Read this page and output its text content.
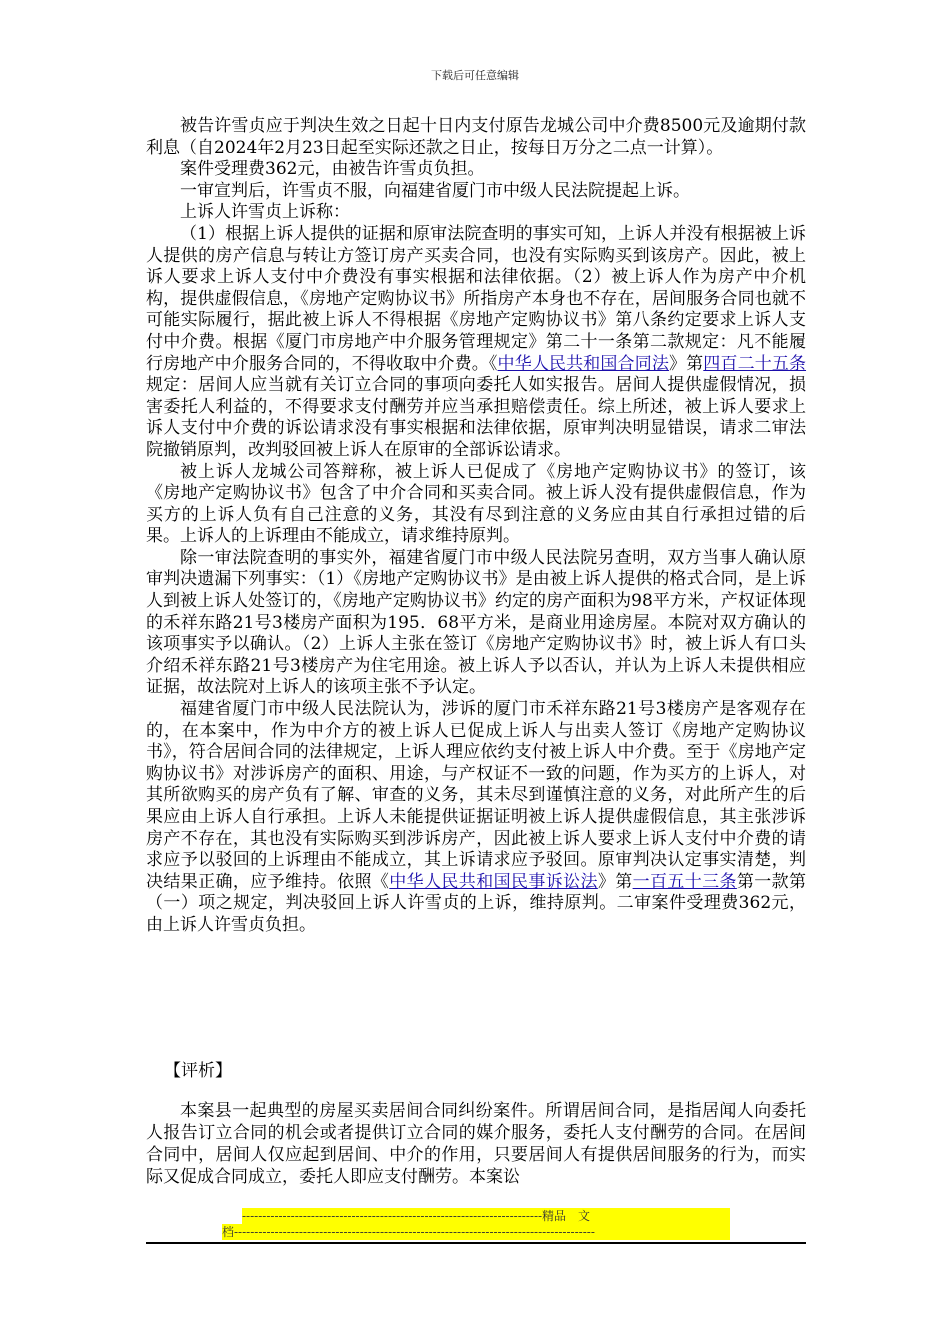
下载后可任意编辑

被告许雪贞应于判决生效之日起十日内支付原告龙城公司中介费8500元及逾期付款利息（自2024年2月23日起至实际还款之日止，按每日万分之二点一计算）。

案件受理费362元，由被告许雪贞负担。

一审宣判后，许雪贞不服，向福建省厦门市中级人民法院提起上诉。

上诉人许雪贞上诉称：

（1）根据上诉人提供的证据和原审法院查明的事实可知，上诉人并没有根据被上诉人提供的房产信息与转让方签订房产买卖合同，也没有实际购买到该房产。因此，被上诉人要求上诉人支付中介费没有事实根据和法律依据。（2）被上诉人作为房产中介机构，提供虚假信息，《房地产定购协议书》所指房产本身也不存在，居间服务合同也就不可能实际履行，据此被上诉人不得根据《房地产定购协议书》第八条约定要求上诉人支付中介费。根据《厦门市房地产中介服务管理规定》第二十一条第二款规定：凡不能履行房地产中介服务合同的，不得收取中介费。《中华人民共和国合同法》第四百二十五条规定：居间人应当就有关订立合同的事项向委托人如实报告。居间人提供虚假情况，损害委托人利益的，不得要求支付酬劳并应当承担赔偿责任。综上所述，被上诉人要求上诉人支付中介费的诉讼请求没有事实根据和法律依据，原审判决明显错误，请求二审法院撤销原判，改判驳回被上诉人在原审的全部诉讼请求。

被上诉人龙城公司答辩称，被上诉人已促成了《房地产定购协议书》的签订，该《房地产定购协议书》包含了中介合同和买卖合同。被上诉人没有提供虚假信息，作为买方的上诉人负有自己注意的义务，其没有尽到注意的义务应由其自行承担过错的后果。上诉人的上诉理由不能成立，请求维持原判。

除一审法院查明的事实外，福建省厦门市中级人民法院另查明，双方当事人确认原审判决遗漏下列事实：（1）《房地产定购协议书》是由被上诉人提供的格式合同，是上诉人到被上诉人处签订的，《房地产定购协议书》约定的房产面积为98平方米，产权证体现的禾祥东路21号3楼房产面积为195．68平方米，是商业用途房屋。本院对双方确认的该项事实予以确认。（2）上诉人主张在签订《房地产定购协议书》时，被上诉人有口头介绍禾祥东路21号3楼房产为住宅用途。被上诉人予以否认，并认为上诉人未提供相应证据，故法院对上诉人的该项主张不予认定。

福建省厦门市中级人民法院认为，涉诉的厦门市禾祥东路21号3楼房产是客观存在的，在本案中，作为中介方的被上诉人已促成上诉人与出卖人签订《房地产定购协议书》，符合居间合同的法律规定，上诉人理应依约支付被上诉人中介费。至于《房地产定购协议书》对涉诉房产的面积、用途，与产权证不一致的问题，作为买方的上诉人，对其所欲购买的房产负有了解、审查的义务，其未尽到谨慎注意的义务，对此所产生的后果应由上诉人自行承担。上诉人未能提供证据证明被上诉人提供虚假信息，其主张涉诉房产不存在，其也没有实际购买到涉诉房产，因此被上诉人要求上诉人支付中介费的请求应予以驳回的上诉理由不能成立，其上诉请求应予驳回。原审判决认定事实清楚，判决结果正确，应予维持。依照《中华人民共和国民事诉讼法》第一百五十三条第一款第（一）项之规定，判决驳回上诉人许雪贞的上诉，维持原判。二审案件受理费362元，由上诉人许雪贞负担。

【评析】

本案县一起典型的房屋买卖居间合同纠纷案件。所谓居间合同，是指居闻人向委托人报告订立合同的机会或者提供订立合同的媒介服务，委托人支付酬劳的合同。在居间合同中，居间人仅应起到居间、中介的作用，只要居间人有提供居间服务的行为，而实际又促成合同成立，委托人即应支付酬劳。本案讼

--------------------------------------------------------------------------精品　文
档-----------------------------------------------------------------------------------------
